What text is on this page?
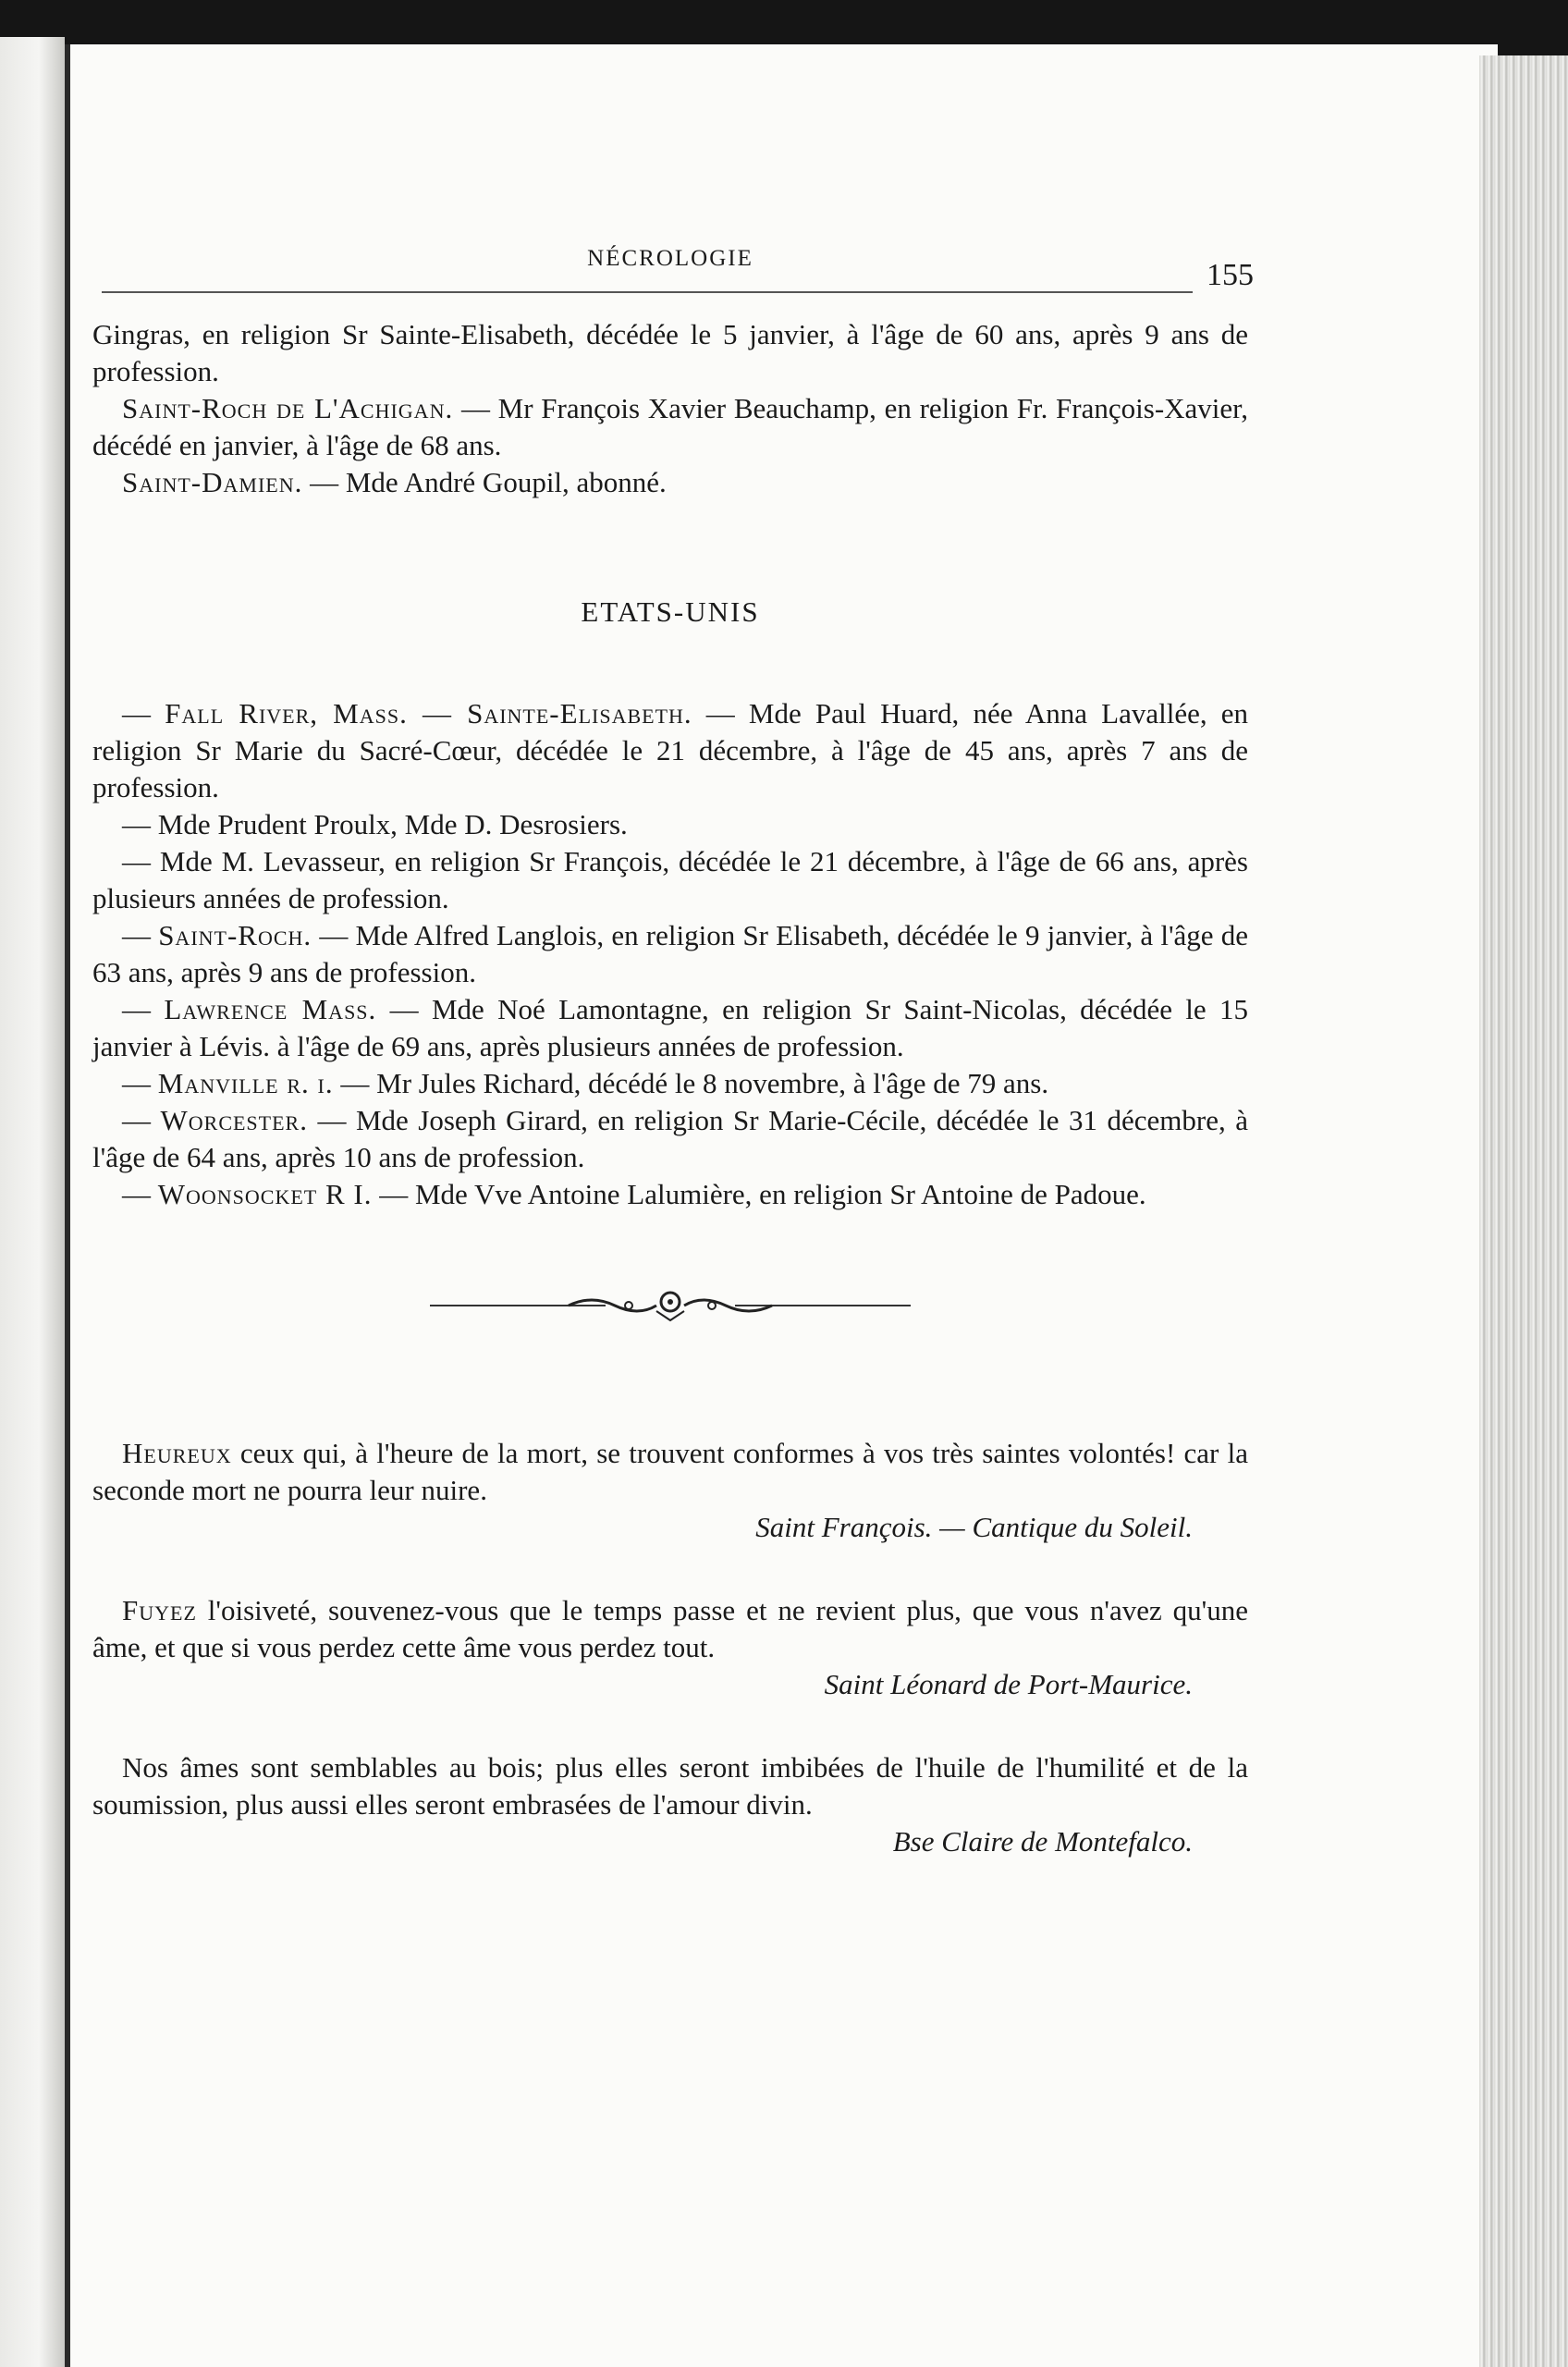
NÉCROLOGIE	155

Gingras, en religion Sr Sainte-Elisabeth, décédée le 5 janvier, à l'âge de 60 ans, après 9 ans de profession.

Saint-Roch de L'Achigan. — Mr François Xavier Beauchamp, en religion Fr. François-Xavier, décédé en janvier, à l'âge de 68 ans.

Saint-Damien. — Mde André Goupil, abonné.

ETATS-UNIS

— Fall River, Mass. — Sainte-Elisabeth. — Mde Paul Huard, née Anna Lavallée, en religion Sr Marie du Sacré-Cœur, décédée le 21 décembre, à l'âge de 45 ans, après 7 ans de profession.

— Mde Prudent Proulx, Mde D. Desrosiers.

— Mde M. Levasseur, en religion Sr François, décédée le 21 décembre, à l'âge de 66 ans, après plusieurs années de profession.

— Saint-Roch. — Mde Alfred Langlois, en religion Sr Elisabeth, décédée le 9 janvier, à l'âge de 63 ans, après 9 ans de profession.

— Lawrence Mass. — Mde Noé Lamontagne, en religion Sr Saint-Nicolas, décédée le 15 janvier à Lévis. à l'âge de 69 ans, après plusieurs années de profession.

— Manville r. i. — Mr Jules Richard, décédé le 8 novembre, à l'âge de 79 ans.

— Worcester. — Mde Joseph Girard, en religion Sr Marie-Cécile, décédée le 31 décembre, à l'âge de 64 ans, après 10 ans de profession.

— Woonsocket R I. — Mde Vve Antoine Lalumière, en religion Sr Antoine de Padoue.

Heureux ceux qui, à l'heure de la mort, se trouvent conformes à vos très saintes volontés! car la seconde mort ne pourra leur nuire.

Saint François. — Cantique du Soleil.

Fuyez l'oisiveté, souvenez-vous que le temps passe et ne revient plus, que vous n'avez qu'une âme, et que si vous perdez cette âme vous perdez tout.

Saint Léonard de Port-Maurice.

Nos âmes sont semblables au bois; plus elles seront imbibées de l'huile de l'humilité et de la soumission, plus aussi elles seront embrasées de l'amour divin.

Bse Claire de Montefalco.
